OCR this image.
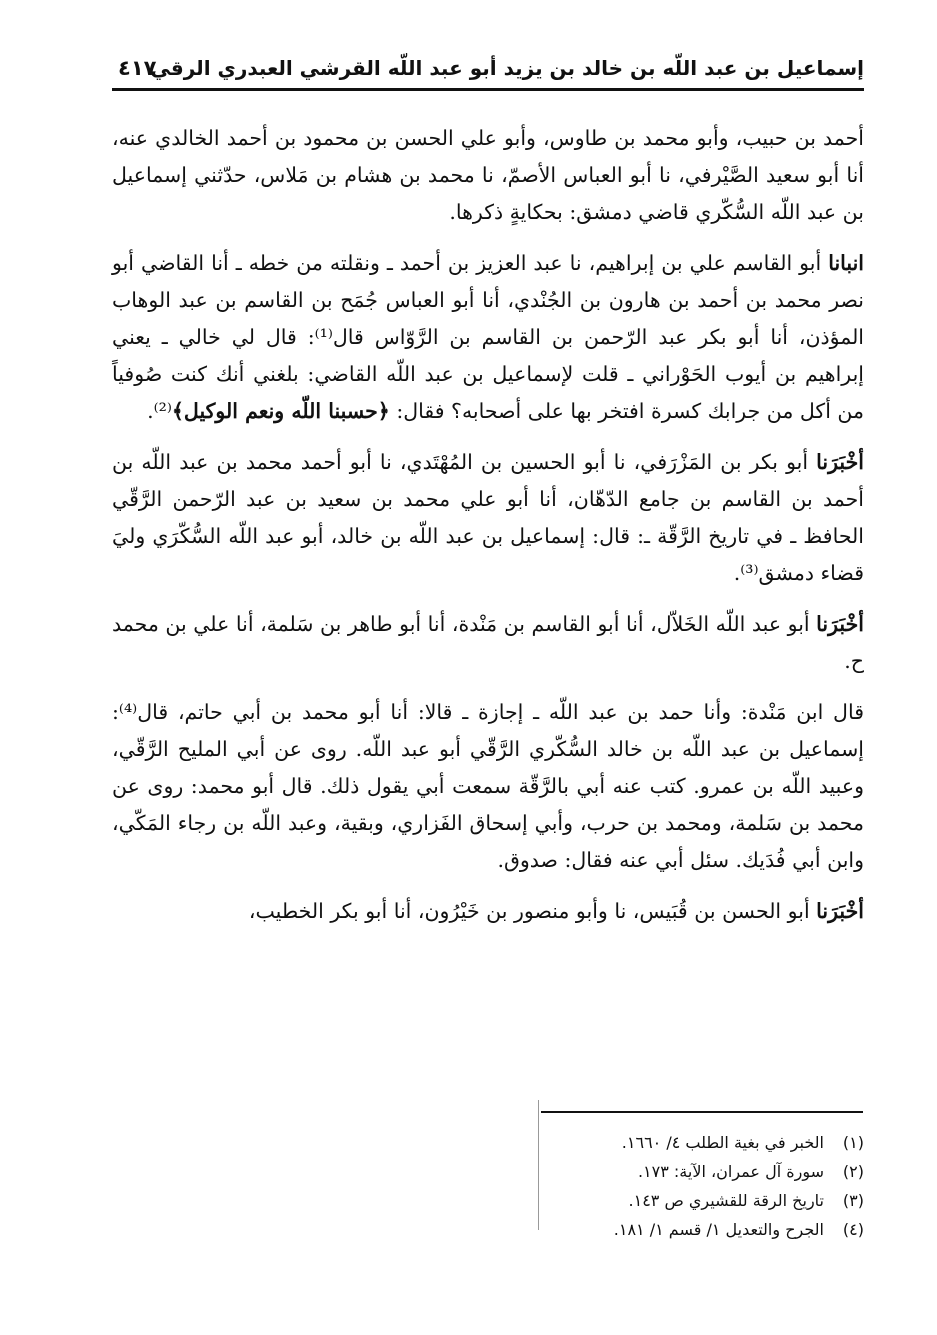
إسماعيل بن عبد اللّه بن خالد بن يزيد أبو عبد اللّه القرشي العبدري الرقي
٤١٧

أحمد بن حبيب، وأبو محمد بن طاوس، وأبو علي الحسن بن محمود بن أحمد الخالدي عنه، أنا أبو سعيد الصَّيْرفي، نا أبو العباس الأصمّ، نا محمد بن هشام بن مَلاس، حدّثني إسماعيل بن عبد اللّه السُّكّري قاضي دمشق: بحكايةٍ ذكرها.

انبانا أبو القاسم علي بن إبراهيم، نا عبد العزيز بن أحمد ـ ونقلته من خطه ـ أنا القاضي أبو نصر محمد بن أحمد بن هارون بن الجُنْدي، أنا أبو العباس جُمَح بن القاسم بن عبد الوهاب المؤذن، أنا أبو بكر عبد الرّحمن بن القاسم بن الرَّوّاس قال⁽¹⁾: قال لي خالي ـ يعني إبراهيم بن أيوب الحَوْراني ـ قلت لإسماعيل بن عبد اللّه القاضي: بلغني أنك كنت صُوفياً من أكل من جرابك كسرة افتخر بها على أصحابه؟ فقال: ﴿حسبنا اللّه ونعم الوكيل﴾⁽²⁾.

أخْبَرَنا أبو بكر بن المَزْرَفي، نا أبو الحسين بن المُهْتَدي، نا أبو أحمد محمد بن عبد اللّه بن أحمد بن القاسم بن جامع الدّهّان، أنا أبو علي محمد بن سعيد بن عبد الرّحمن الرَّقّي الحافظ ـ في تاريخ الرَّقّة ـ: قال: إسماعيل بن عبد اللّه بن خالد، أبو عبد اللّه السُّكّرَي وليَ قضاء دمشق⁽³⁾.

أخْبَرَنا أبو عبد اللّه الخَلاّل، أنا أبو القاسم بن مَنْدة، أنا أبو طاهر بن سَلمة، أنا علي بن محمد ح.

قال ابن مَنْدة: وأنا حمد بن عبد اللّه ـ إجازة ـ قالا: أنا أبو محمد بن أبي حاتم، قال⁽⁴⁾: إسماعيل بن عبد اللّه بن خالد السُّكّري الرَّقّي أبو عبد اللّه. روى عن أبي المليح الرَّقّي، وعبيد اللّه بن عمرو. كتب عنه أبي بالرَّقّة سمعت أبي يقول ذلك. قال أبو محمد: روى عن محمد بن سَلمة، ومحمد بن حرب، وأبي إسحاق الفَزاري، وبقية، وعبد اللّه بن رجاء المَكّي، وابن أبي فُدَيك. سئل أبي عنه فقال: صدوق.

أخْبَرَنا أبو الحسن بن قُبَيس، نا وأبو منصور بن خَيْرُون، أنا أبو بكر الخطيب،

(١)الخبر في بغية الطلب ٤/ ١٦٦٠.
(٢)سورة آل عمران، الآية: ١٧٣.
(٣)تاريخ الرقة للقشيري ص ١٤٣.
(٤)الجرح والتعديل ١/ قسم ١/ ١٨١.
